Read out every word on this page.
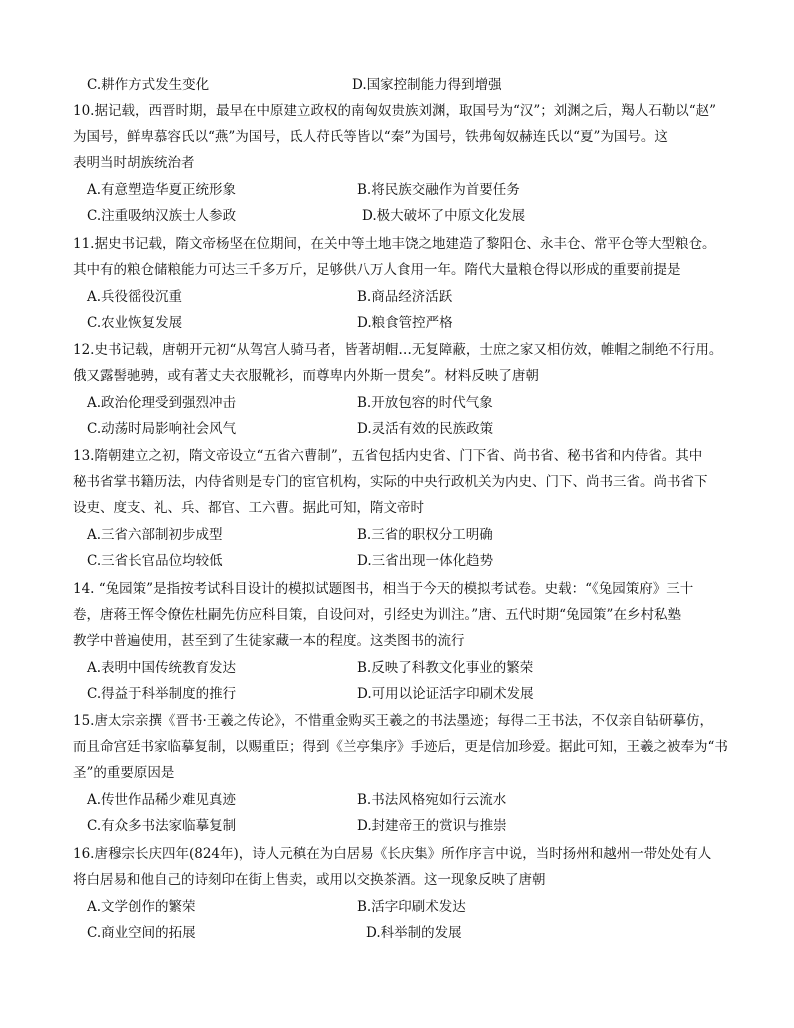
C.耕作方式发生变化	D.国家控制能力得到增强
10.据记载，西晋时期，最早在中原建立政权的南匈奴贵族刘渊，取国号为“汉”；刘渊之后，羯人石勒以“赵”
为国号，鲜卑慕容氏以“燕”为国号，氐人苻氏等皆以“秦”为国号，铁弗匈奴赫连氏以“夏”为国号。这
表明当时胡族统治者
A.有意塑造华夏正统形象	B.将民族交融作为首要任务
C.注重吸纳汉族士人参政	D.极大破坏了中原文化发展
11.据史书记载，隋文帝杨坚在位期间，在关中等土地丰饶之地建造了黎阳仓、永丰仓、常平仓等大型粮仓。
其中有的粮仓储粮能力可达三千多万斤，足够供八万人食用一年。隋代大量粮仓得以形成的重要前提是
A.兵役徭役沉重	B.商品经济活跃
C.农业恢复发展	D.粮食管控严格
12.史书记载，唐朝开元初“从驾宫人骑马者，皆著胡帽…无复障蔽，士庶之家又相仿效，帷帽之制绝不行用。
俄又露髻驰骋，或有著丈夫衣服靴衫，而尊卑内外斯一贯矣”。材料反映了唐朝
A.政治伦理受到强烈冲击	B.开放包容的时代气象
C.动荡时局影响社会风气	D.灵活有效的民族政策
13.隋朝建立之初，隋文帝设立“五省六曹制”，五省包括内史省、门下省、尚书省、秘书省和内侍省。其中
秘书省掌书籍历法，内侍省则是专门的宦官机构，实际的中央行政机关为内史、门下、尚书三省。尚书省下
设吏、度支、礼、兵、都官、工六曹。据此可知，隋文帝时
A.三省六部制初步成型	B.三省的职权分工明确
C.三省长官品位均较低	D.三省出现一体化趋势
14. “兔园策”是指按考试科目设计的模拟试题图书，相当于今天的模拟考试卷。史载：“《兔园策府》三十
卷，唐蒋王恽令僚佐杜嗣先仿应科目策，自设问对，引经史为训注。”唐、五代时期“兔园策”在乡村私塾
教学中普遍使用，甚至到了生徒家藏一本的程度。这类图书的流行
A.表明中国传统教育发达	B.反映了科教文化事业的繁荣
C.得益于科举制度的推行	D.可用以论证活字印刷术发展
15.唐太宗亲撰《晋书·王羲之传论》，不惜重金购买王羲之的书法墨迹；每得二王书法，不仅亲自钻研摹仿，
而且命宫廷书家临摹复制，以赐重臣；得到《兰亭集序》手迹后，更是信加珍爱。据此可知，王羲之被奉为“书
圣”的重要原因是
A.传世作品稀少难见真迹	B.书法风格宛如行云流水
C.有众多书法家临摹复制	D.封建帝王的赏识与推崇
16.唐穆宗长庆四年(824年)，诗人元稹在为白居易《长庆集》所作序言中说，当时扬州和越州一带处处有人
将白居易和他自己的诗刻印在街上售卖，或用以交换茶酒。这一现象反映了唐朝
A.文学创作的繁荣	B.活字印刷术发达
C.商业空间的拓展	D.科举制的发展
